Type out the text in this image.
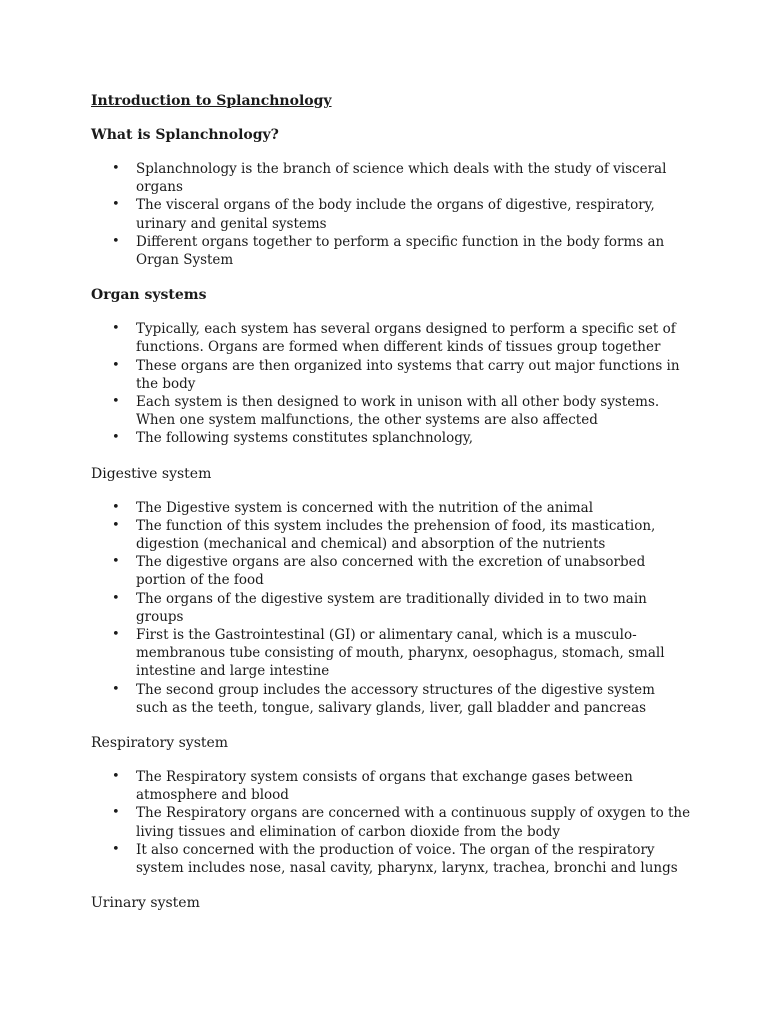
Introduction to Splanchnology
What is Splanchnology?
• Splanchnology is the branch of science which deals with the study of visceral organs
• The visceral organs of the body include the organs of digestive, respiratory, urinary and genital systems
• Different organs together to perform a specific function in the body forms an Organ System
Organ systems
• Typically, each system has several organs designed to perform a specific set of functions. Organs are formed when different kinds of tissues group together
• These organs are then organized into systems that carry out major functions in the body
• Each system is then designed to work in unison with all other body systems. When one system malfunctions, the other systems are also affected
• The following systems constitutes splanchnology,
Digestive system
• The Digestive system is concerned with the nutrition of the animal
• The function of this system includes the prehension of food, its mastication, digestion (mechanical and chemical) and absorption of the nutrients
• The digestive organs are also concerned with the excretion of unabsorbed portion of the food
• The organs of the digestive system are traditionally divided in to two main groups
• First is the Gastrointestinal (GI) or alimentary canal, which is a musculo-membranous tube consisting of mouth, pharynx, oesophagus, stomach, small intestine and large intestine
• The second group includes the accessory structures of the digestive system such as the teeth, tongue, salivary glands, liver, gall bladder and pancreas
Respiratory system
• The Respiratory system consists of organs that exchange gases between atmosphere and blood
• The Respiratory organs are concerned with a continuous supply of oxygen to the living tissues and elimination of carbon dioxide from the body
• It also concerned with the production of voice. The organ of the respiratory system includes nose, nasal cavity, pharynx, larynx, trachea, bronchi and lungs
Urinary system
